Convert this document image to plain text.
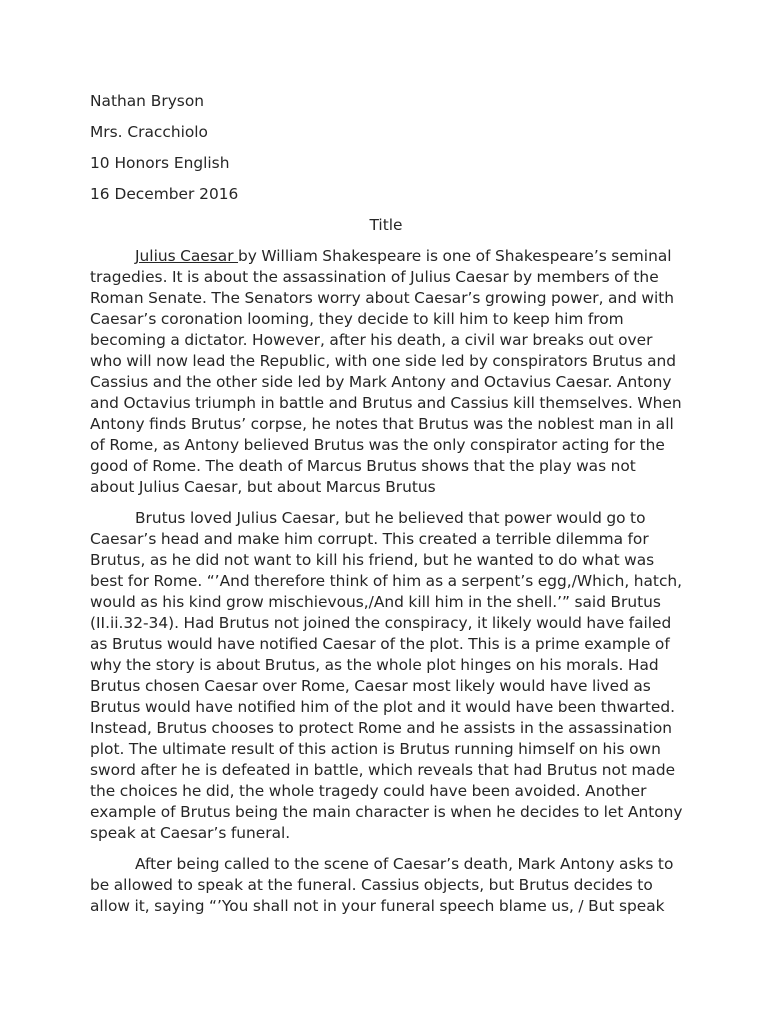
Nathan Bryson

Mrs. Cracchiolo

10 Honors English

16 December 2016

Title

Julius Caesar by William Shakespeare is one of Shakespeare’s seminal
tragedies. It is about the assassination of Julius Caesar by members of the
Roman Senate. The Senators worry about Caesar’s growing power, and with
Caesar’s coronation looming, they decide to kill him to keep him from
becoming a dictator. However, after his death, a civil war breaks out over
who will now lead the Republic, with one side led by conspirators Brutus and
Cassius and the other side led by Mark Antony and Octavius Caesar. Antony
and Octavius triumph in battle and Brutus and Cassius kill themselves. When
Antony finds Brutus’ corpse, he notes that Brutus was the noblest man in all
of Rome, as Antony believed Brutus was the only conspirator acting for the
good of Rome. The death of Marcus Brutus shows that the play was not
about Julius Caesar, but about Marcus Brutus
Brutus loved Julius Caesar, but he believed that power would go to
Caesar’s head and make him corrupt. This created a terrible dilemma for
Brutus, as he did not want to kill his friend, but he wanted to do what was
best for Rome. “’And therefore think of him as a serpent’s egg,/Which, hatch,
would as his kind grow mischievous,/And kill him in the shell.’” said Brutus
(II.ii.32-34). Had Brutus not joined the conspiracy, it likely would have failed
as Brutus would have notified Caesar of the plot. This is a prime example of
why the story is about Brutus, as the whole plot hinges on his morals. Had
Brutus chosen Caesar over Rome, Caesar most likely would have lived as
Brutus would have notified him of the plot and it would have been thwarted.
Instead, Brutus chooses to protect Rome and he assists in the assassination
plot. The ultimate result of this action is Brutus running himself on his own
sword after he is defeated in battle, which reveals that had Brutus not made
the choices he did, the whole tragedy could have been avoided. Another
example of Brutus being the main character is when he decides to let Antony
speak at Caesar’s funeral.
After being called to the scene of Caesar’s death, Mark Antony asks to
be allowed to speak at the funeral. Cassius objects, but Brutus decides to
allow it, saying “’You shall not in your funeral speech blame us, / But speak
